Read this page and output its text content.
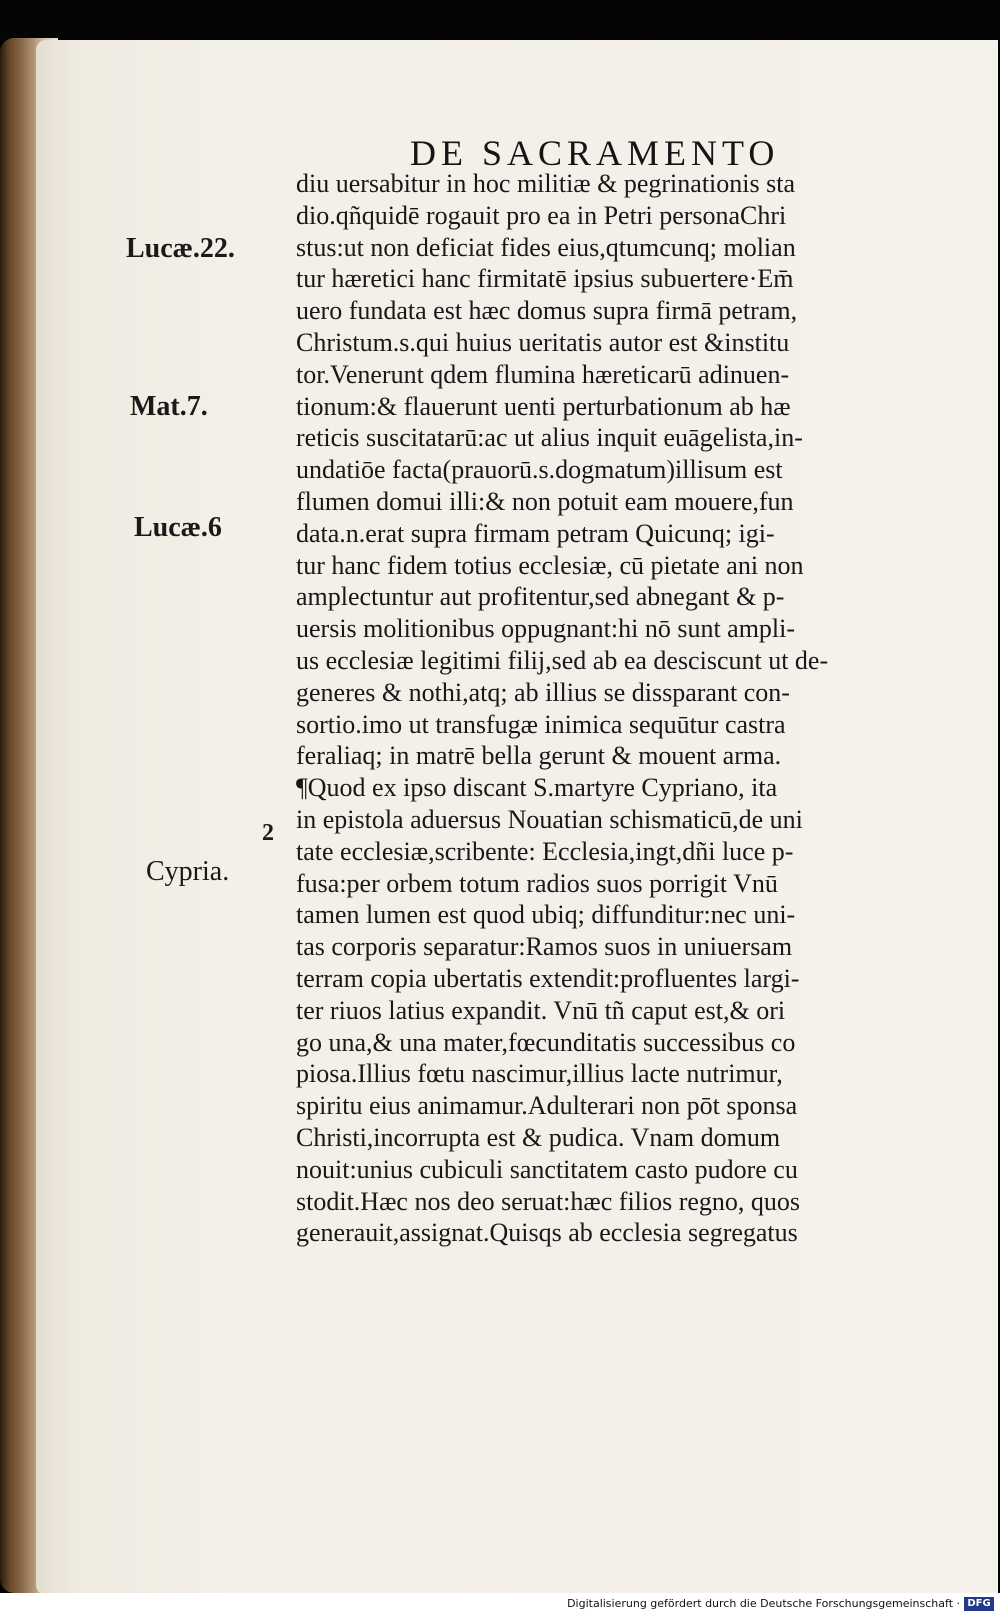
DE SACRAMENTO
Lucæ.22.
Mat.7.
Lucæ.6
2
Cypria.
diu uersabitur in hoc militiæ & pegrinationis sta
dio.qñquidē rogauit pro ea in Petri personaChri
stus:ut non deficiat fides eius,qtumcunq; molian
tur hæretici hanc firmitatē ipsius subuertere·Em̄
uero fundata est hæc domus supra firmā petram,
Christum.s.qui huius ueritatis autor est &institu
tor.Venerunt qdem flumina hæreticarū adinuen-
tionum:& flauerunt uenti perturbationum ab hæ
reticis suscitatarū:ac ut alius inquit euāgelista,in-
undatiōe facta(prauorū.s.dogmatum)illisum est
flumen domui illi:& non potuit eam mouere,fun
data.n.erat supra firmam petram Quicunq; igi-
tur hanc fidem totius ecclesiæ, cū pietate ani non
amplectuntur aut profitentur,sed abnegant & p-
uersis molitionibus oppugnant:hi nō sunt ampli-
us ecclesiæ legitimi filij,sed ab ea desciscunt ut de-
generes & nothi,atq; ab illius se dissparant con-
sortio.imo ut transfugæ inimica sequūtur castra
feraliaq; in matrē bella gerunt & mouent arma.
¶Quod ex ipso discant S.martyre Cypriano, ita
in epistola aduersus Nouatian schismaticū,de uni
tate ecclesiæ,scribente: Ecclesia,ingt,dñi luce p-
fusa:per orbem totum radios suos porrigit Vnū
tamen lumen est quod ubiq; diffunditur:nec uni-
tas corporis separatur:Ramos suos in uniuersam
terram copia ubertatis extendit:profluentes largi-
ter riuos latius expandit. Vnū tñ caput est,& ori
go una,& una mater,fœcunditatis successibus co
piosa.Illius fœtu nascimur,illius lacte nutrimur,
spiritu eius animamur.Adulterari non pōt sponsa
Christi,incorrupta est & pudica. Vnam domum
nouit:unius cubiculi sanctitatem casto pudore cu
stodit.Hæc nos deo seruat:hæc filios regno, quos
generauit,assignat.Quisqs ab ecclesia segregatus
Digitalisierung gefördert durch die Deutsche Forschungsgemeinschaft · DFG
